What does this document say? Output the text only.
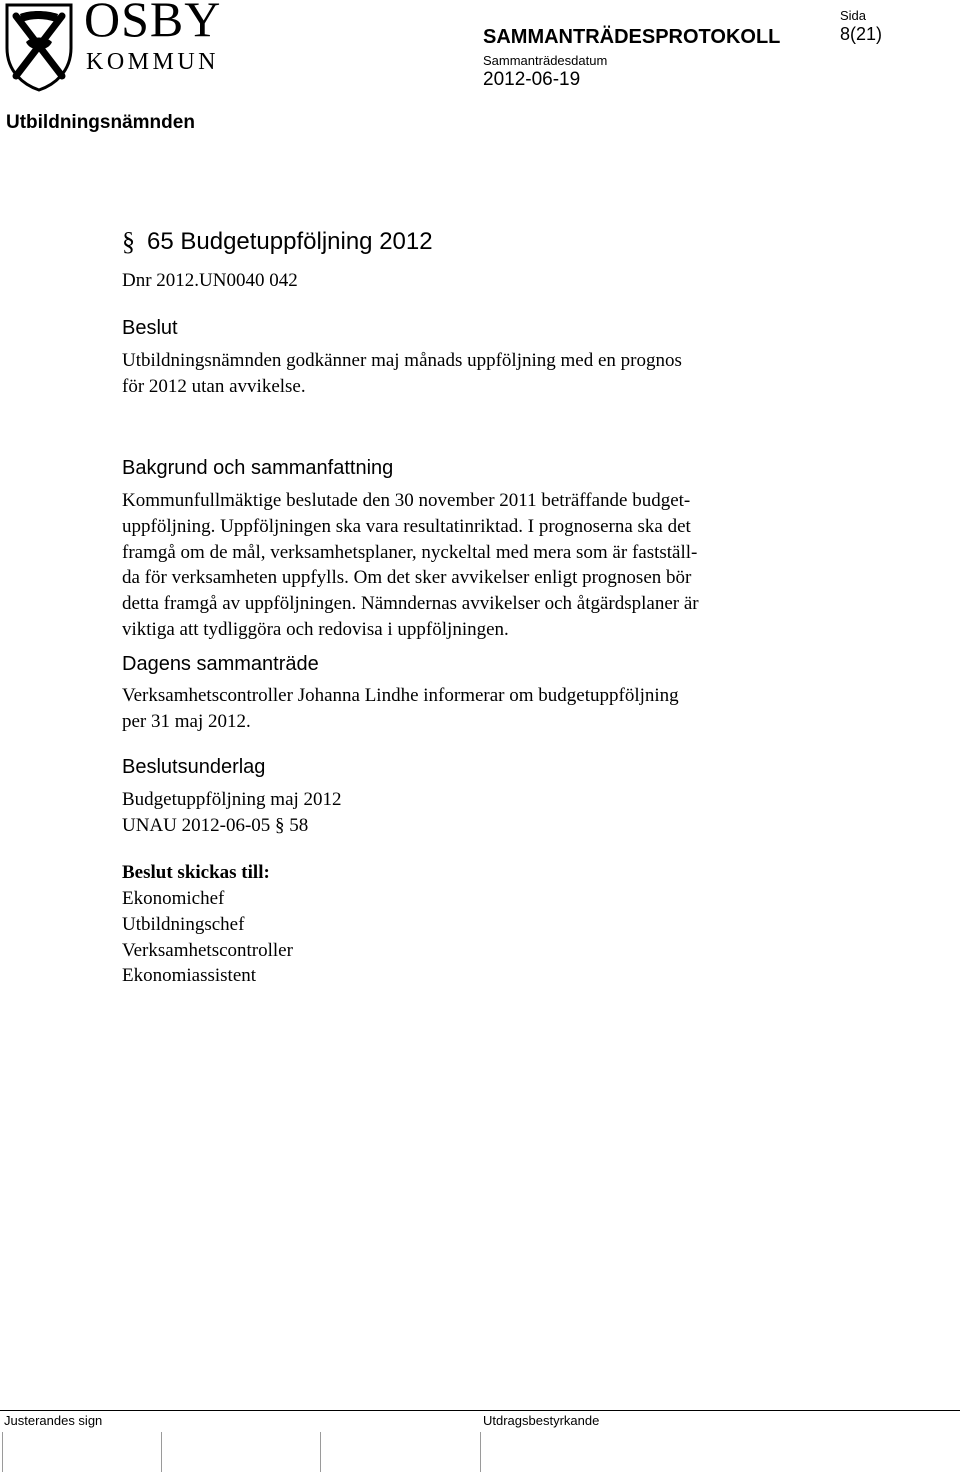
OSBY
KOMMUN
SAMMANTRÄDESPROTOKOLL
Sammanträdesdatum
2012-06-19
Sida
8(21)
Utbildningsnämnden
§ 65 Budgetuppföljning 2012
Dnr 2012.UN0040 042
Beslut
Utbildningsnämnden godkänner maj månads uppföljning med en prognos
för 2012 utan avvikelse.
Bakgrund och sammanfattning
Kommunfullmäktige beslutade den 30 november 2011 beträffande budget-
uppföljning. Uppföljningen ska vara resultatinriktad. I prognoserna ska det
framgå om de mål, verksamhetsplaner, nyckeltal med mera som är fastställ-
da för verksamheten uppfylls. Om det sker avvikelser enligt prognosen bör
detta framgå av uppföljningen. Nämndernas avvikelser och åtgärdsplaner är
viktiga att tydliggöra och redovisa i uppföljningen.
Dagens sammanträde
Verksamhetscontroller Johanna Lindhe informerar om budgetuppföljning
per 31 maj 2012.
Beslutsunderlag
Budgetuppföljning maj 2012
UNAU 2012-06-05 § 58
Beslut skickas till:
Ekonomichef
Utbildningschef
Verksamhetscontroller
Ekonomiassistent
Justerandes sign	Utdragsbestyrkande
